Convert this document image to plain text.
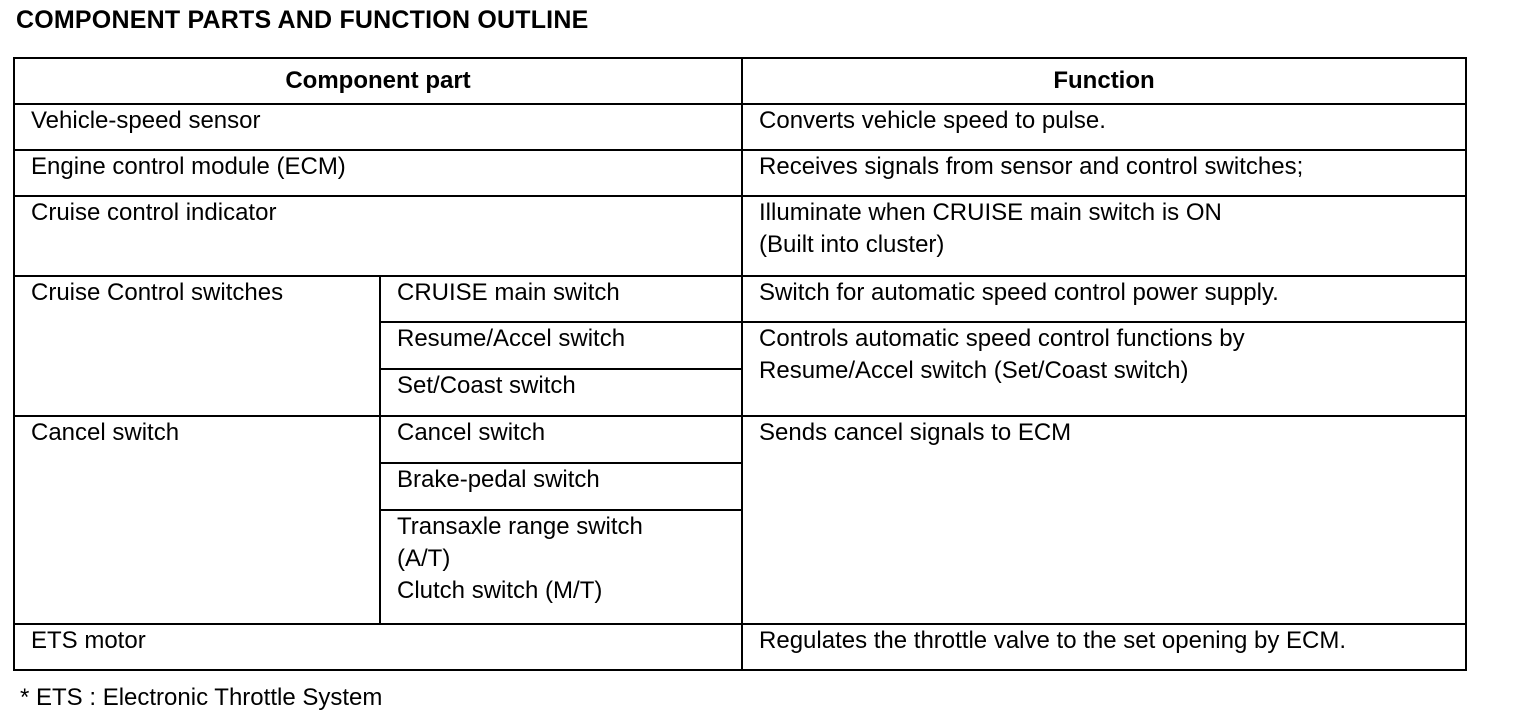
COMPONENT PARTS AND FUNCTION OUTLINE
Component part		Function
Vehicle-speed sensor		Converts vehicle speed to pulse.
Engine control module (ECM)		Receives signals from sensor and control switches;
Cruise control indicator		Illuminate when CRUISE main switch is ON
(Built into cluster)

Cruise Control switches	CRUISE main switch	Switch for automatic speed control power supply.
	Resume/Accel switch	Controls automatic speed control functions by
Resume/Accel switch (Set/Coast switch)

	Set/Coast switch	
Cancel switch	Cancel switch	Sends cancel signals to ECM
	Brake-pedal switch	

	Transaxle range switch
(A/T)
Clutch switch (M/T)	

ETS motor		Regulates the throttle valve to the set opening by ECM.

* ETS : Electronic Throttle System
